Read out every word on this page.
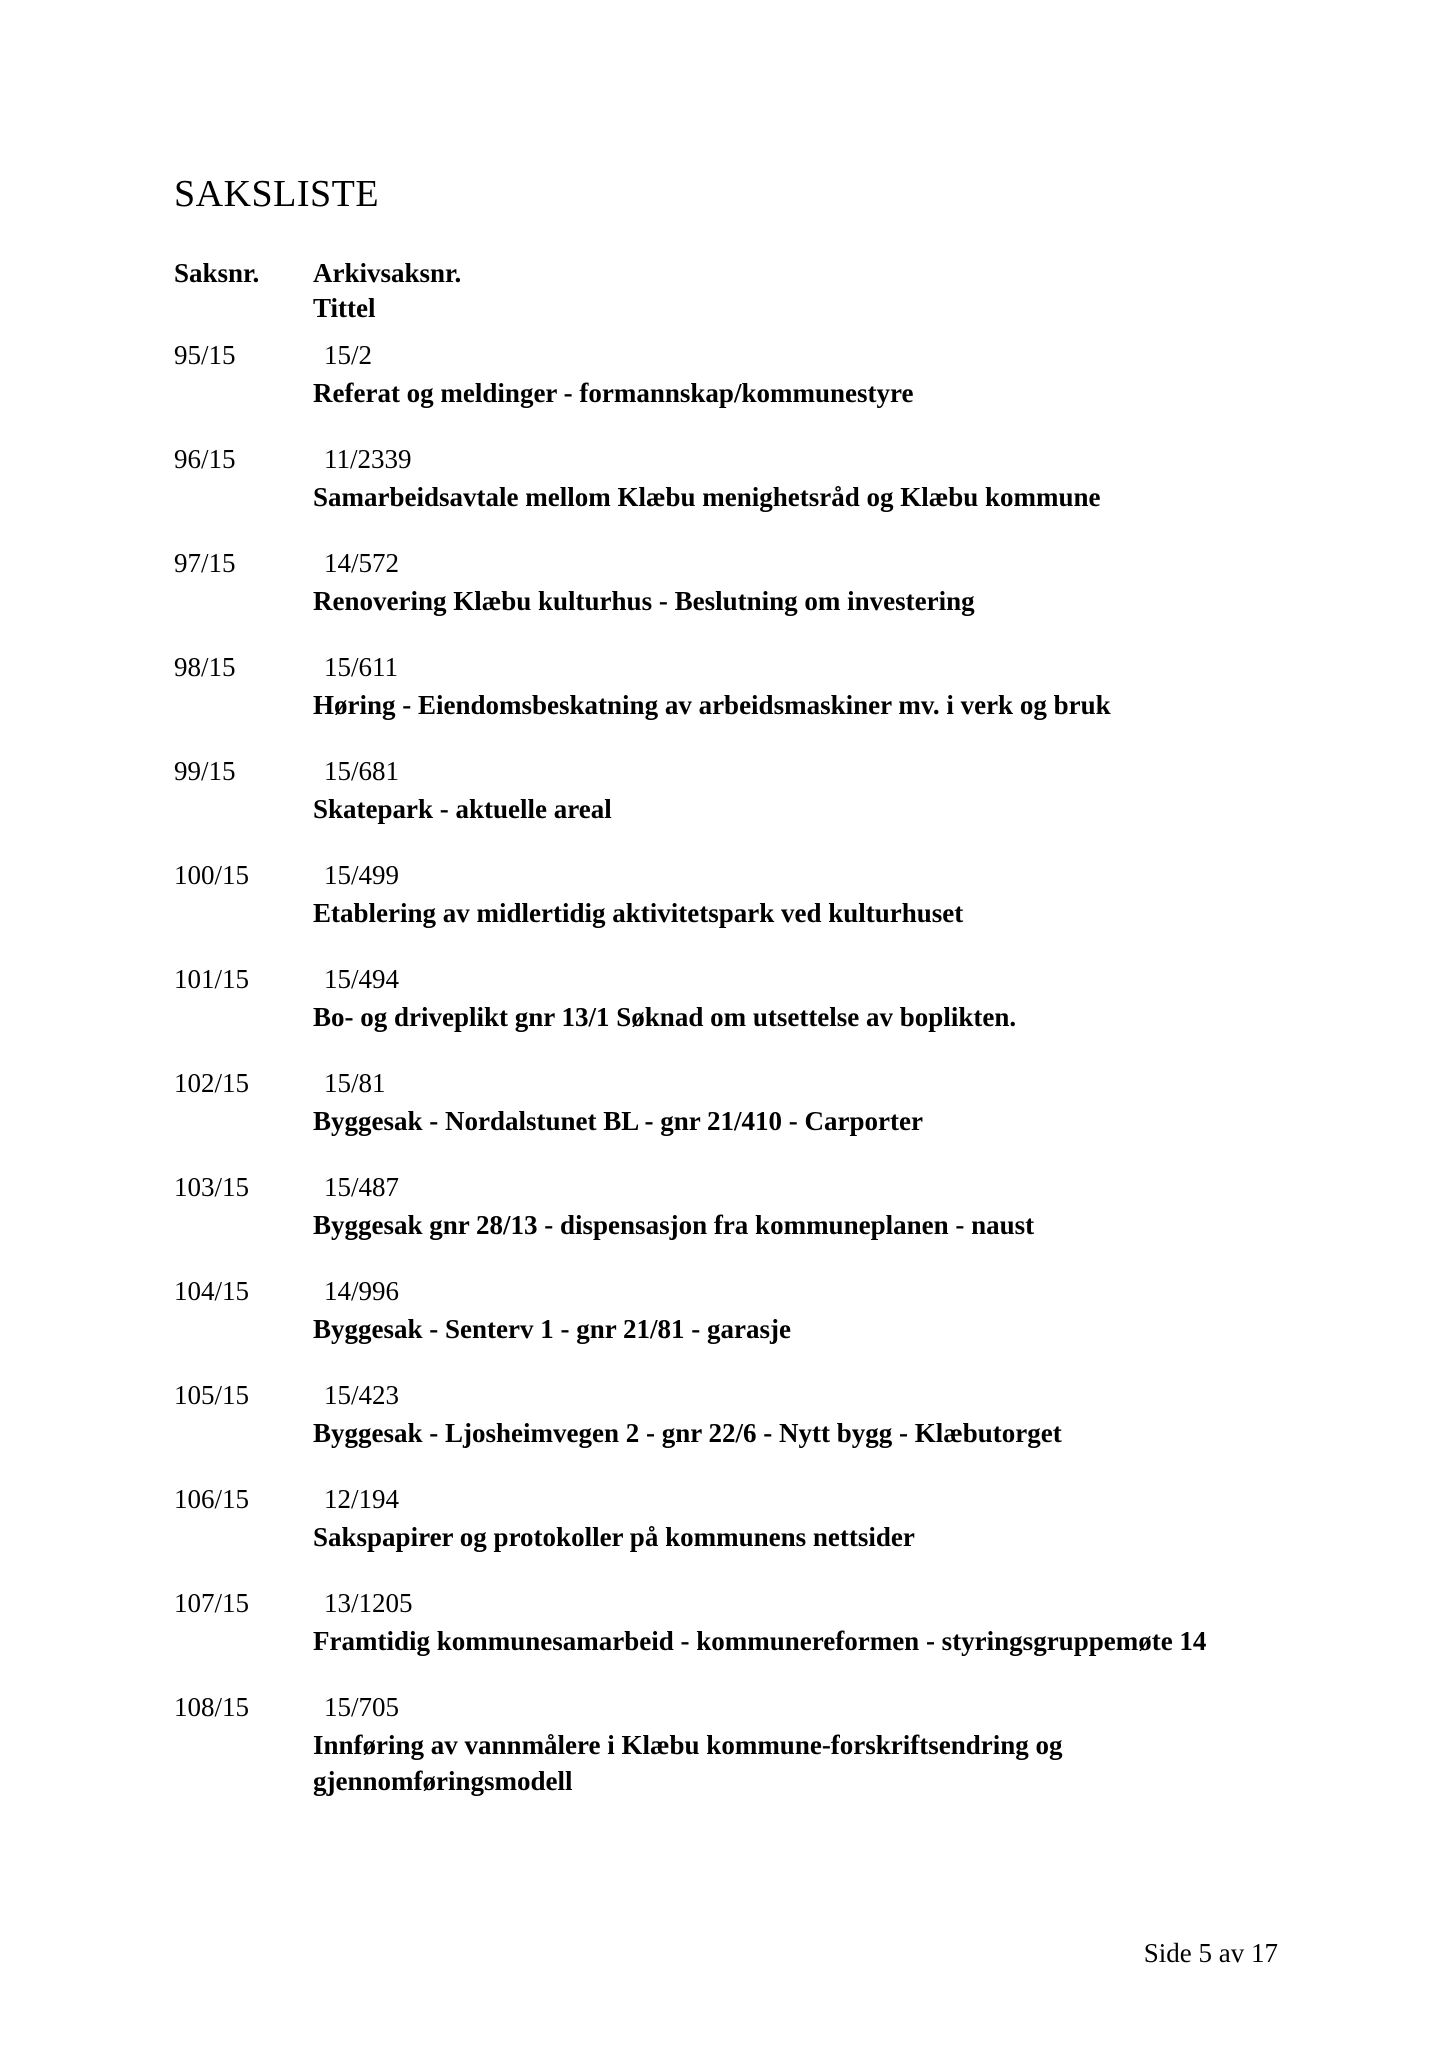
SAKSLISTE
Saksnr. Arkivsaksnr.
Tittel
95/15	15/2
Referat og meldinger - formannskap/kommunestyre
96/15	11/2339
Samarbeidsavtale mellom Klæbu menighetsråd og Klæbu kommune
97/15	14/572
Renovering Klæbu kulturhus - Beslutning om investering
98/15	15/611
Høring - Eiendomsbeskatning av arbeidsmaskiner mv. i verk og bruk
99/15	15/681
Skatepark - aktuelle areal
100/15	15/499
Etablering av midlertidig aktivitetspark ved kulturhuset
101/15	15/494
Bo- og driveplikt gnr 13/1 Søknad om utsettelse av boplikten.
102/15	15/81
Byggesak - Nordalstunet BL - gnr 21/410 - Carporter
103/15	15/487
Byggesak gnr 28/13 - dispensasjon fra kommuneplanen - naust
104/15	14/996
Byggesak - Senterv 1 - gnr 21/81 - garasje
105/15	15/423
Byggesak - Ljosheimvegen 2 - gnr 22/6 - Nytt bygg - Klæbutorget
106/15	12/194
Sakspapirer og protokoller på kommunens nettsider
107/15	13/1205
Framtidig kommunesamarbeid - kommunereformen - styringsgruppemøte 14
108/15	15/705
Innføring av vannmålere i Klæbu kommune-forskriftsendring og gjennomføringsmodell
Side 5 av 17
